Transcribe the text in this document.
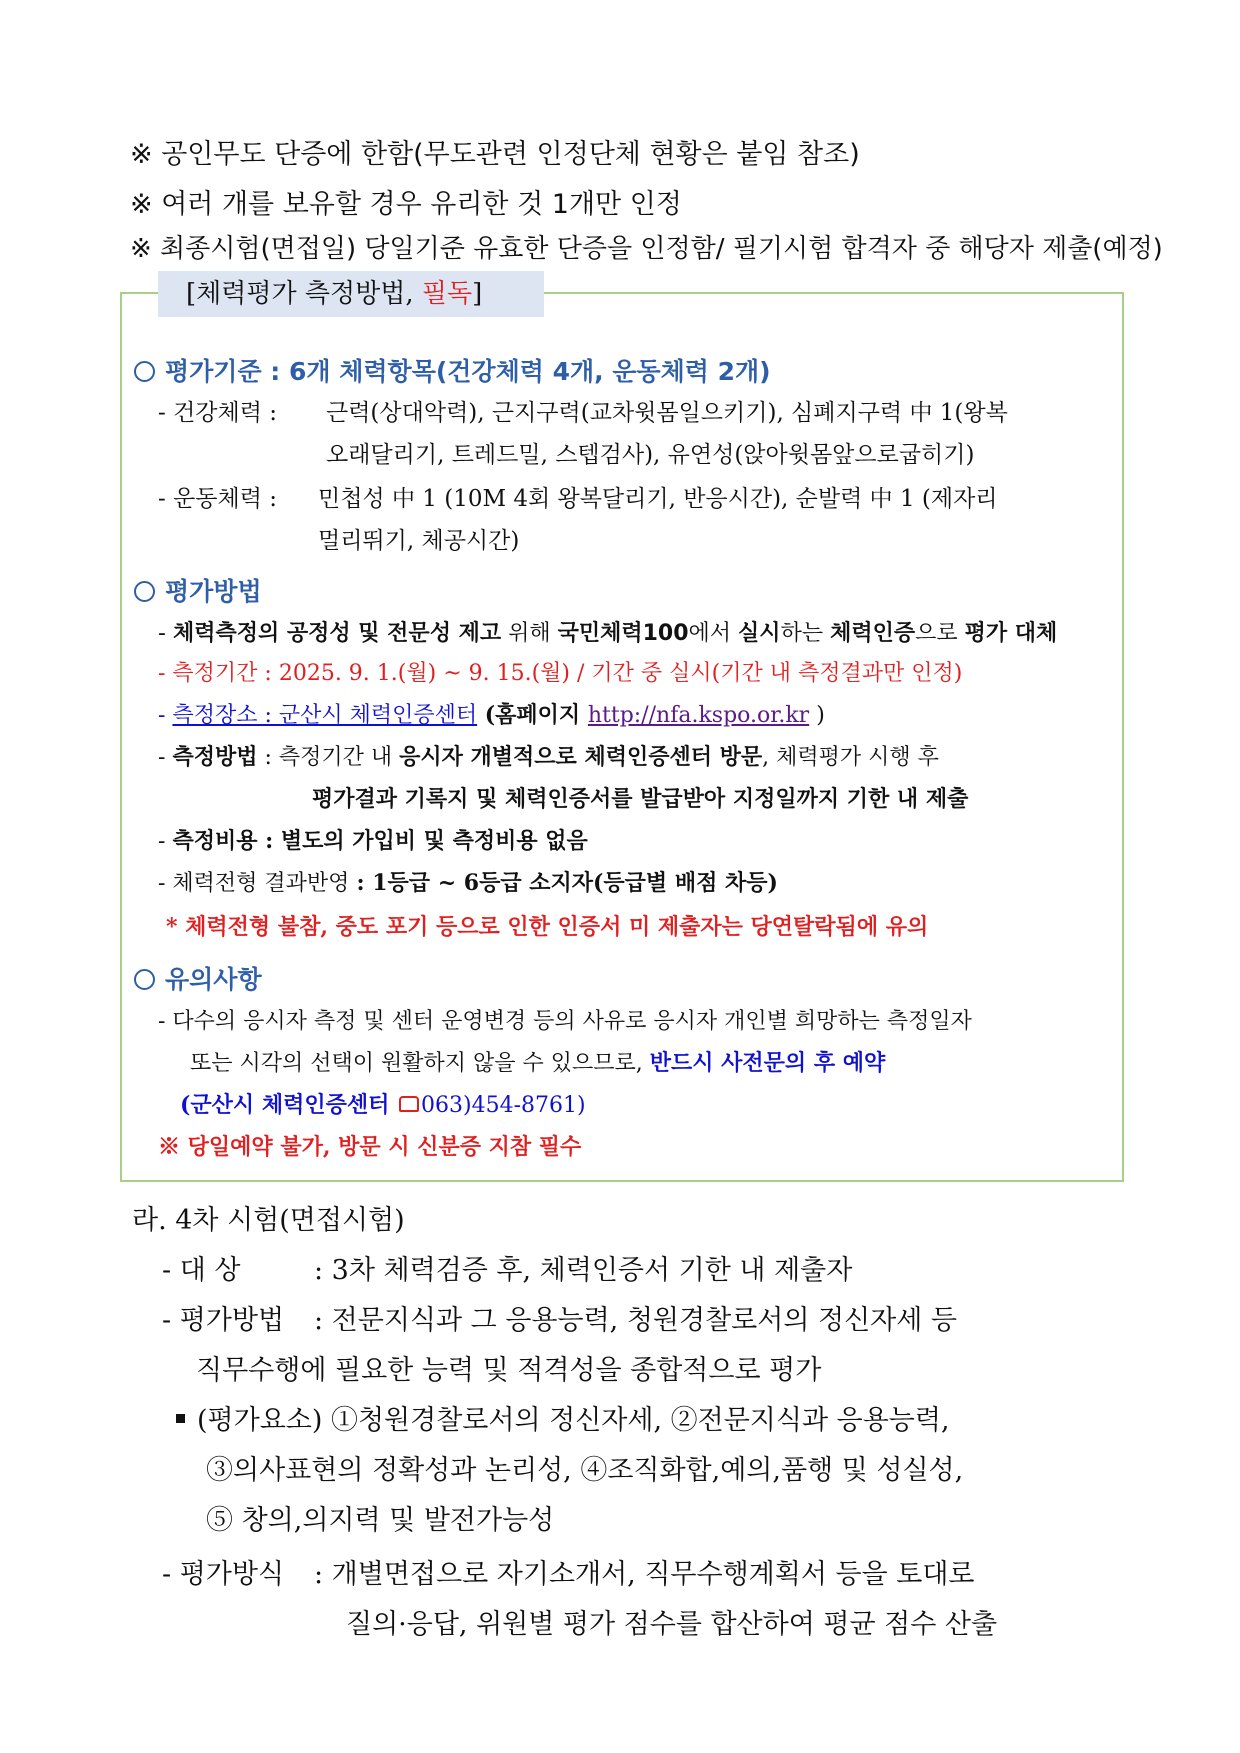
※ 공인무도 단증에 한함(무도관련 인정단체 현황은 붙임 참조)
※ 여러 개를 보유할 경우 유리한 것 1개만 인정
※ 최종시험(면접일) 당일기준 유효한 단증을 인정함/ 필기시험 합격자 중 해당자 제출(예정)
[체력평가 측정방법, 필독]
평가기준 : 6개 체력항목(건강체력 4개, 운동체력 2개)
- 건강체력 : 근력(상대악력), 근지구력(교차윗몸일으키기), 심폐지구력 中 1(왕복
오래달리기, 트레드밀, 스텝검사), 유연성(앉아윗몸앞으로굽히기)
- 운동체력 : 민첩성 中 1 (10M 4회 왕복달리기, 반응시간), 순발력 中 1 (제자리
멀리뛰기, 체공시간)
평가방법
- 체력측정의 공정성 및 전문성 제고 위해 국민체력100에서 실시하는 체력인증으로 평가 대체
- 측정기간 : 2025. 9. 1.(월) ~ 9. 15.(월) / 기간 중 실시(기간 내 측정결과만 인정)
- 측정장소 : 군산시 체력인증센터 (홈페이지 http://nfa.kspo.or.kr )
- 측정방법 : 측정기간 내 응시자 개별적으로 체력인증센터 방문, 체력평가 시행 후
평가결과 기록지 및 체력인증서를 발급받아 지정일까지 기한 내 제출
- 측정비용 : 별도의 가입비 및 측정비용 없음
- 체력전형 결과반영 : 1등급 ~ 6등급 소지자(등급별 배점 차등)
* 체력전형 불참, 중도 포기 등으로 인한 인증서 미 제출자는 당연탈락됨에 유의
유의사항
- 다수의 응시자 측정 및 센터 운영변경 등의 사유로 응시자 개인별 희망하는 측정일자
또는 시각의 선택이 원활하지 않을 수 있으므로, 반드시 사전문의 후 예약
(군산시 체력인증센터 063)454-8761)
※ 당일예약 불가, 방문 시 신분증 지참 필수
라. 4차 시험(면접시험)
- 대 상	: 3차 체력검증 후, 체력인증서 기한 내 제출자
- 평가방법 : 전문지식과 그 응용능력, 청원경찰로서의 정신자세 등
직무수행에 필요한 능력 및 적격성을 종합적으로 평가
(평가요소) ①청원경찰로서의 정신자세, ②전문지식과 응용능력,
③의사표현의 정확성과 논리성, ④조직화합,예의,품행 및 성실성,
⑤ 창의,의지력 및 발전가능성
- 평가방식 : 개별면접으로 자기소개서, 직무수행계획서 등을 토대로
질의·응답, 위원별 평가 점수를 합산하여 평균 점수 산출
